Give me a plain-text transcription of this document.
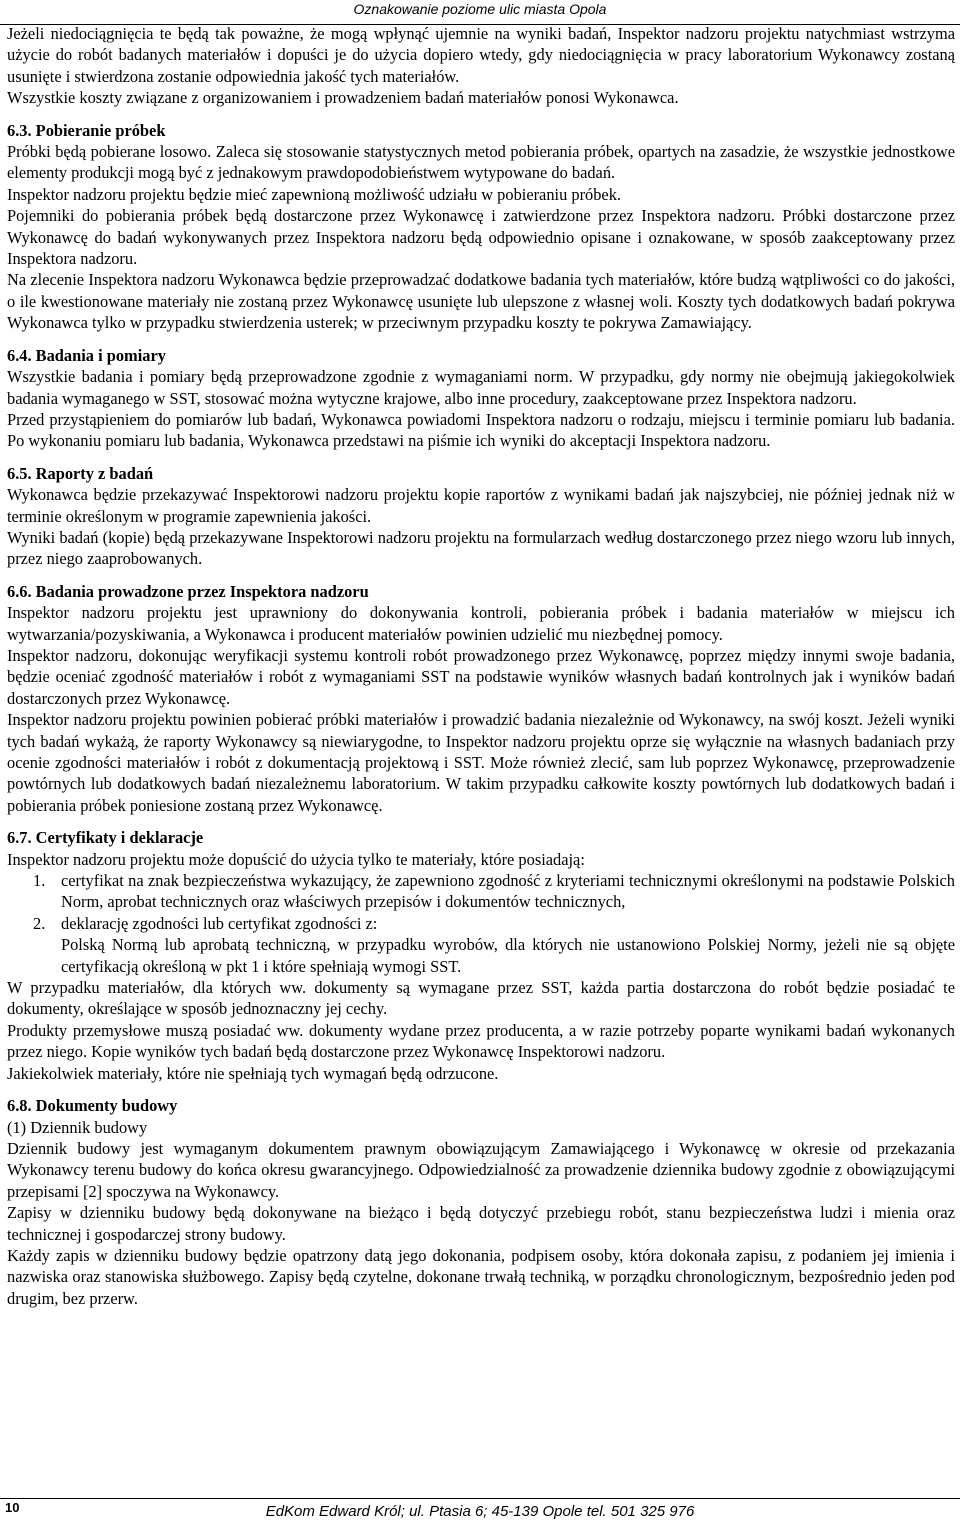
Oznakowanie poziome ulic miasta Opola

Jeżeli niedociągnięcia te będą tak poważne, że mogą wpłynąć ujemnie na wyniki badań, Inspektor nadzoru projektu natychmiast wstrzyma użycie do robót badanych materiałów i dopuści je do użycia dopiero wtedy, gdy niedociągnięcia w pracy laboratorium Wykonawcy zostaną usunięte i stwierdzona zostanie odpowiednia jakość tych materiałów.

Wszystkie koszty związane z organizowaniem i prowadzeniem badań materiałów ponosi Wykonawca.

6.3. Pobieranie próbek

Próbki będą pobierane losowo. Zaleca się stosowanie statystycznych metod pobierania próbek, opartych na zasadzie, że wszystkie jednostkowe elementy produkcji mogą być z jednakowym prawdopodobieństwem wytypowane do badań.

Inspektor nadzoru projektu będzie mieć zapewnioną możliwość udziału w pobieraniu próbek.

Pojemniki do pobierania próbek będą dostarczone przez Wykonawcę i zatwierdzone przez Inspektora nadzoru. Próbki dostarczone przez Wykonawcę do badań wykonywanych przez Inspektora nadzoru będą odpowiednio opisane i oznakowane, w sposób zaakceptowany przez Inspektora nadzoru.

Na zlecenie Inspektora nadzoru Wykonawca będzie przeprowadzać dodatkowe badania tych materiałów, które budzą wątpliwości co do jakości, o ile kwestionowane materiały nie zostaną przez Wykonawcę usunięte lub ulepszone z własnej woli. Koszty tych dodatkowych badań pokrywa Wykonawca tylko w przypadku stwierdzenia usterek; w przeciwnym przypadku koszty te pokrywa Zamawiający.

6.4. Badania i pomiary

Wszystkie badania i pomiary będą przeprowadzone zgodnie z wymaganiami norm. W przypadku, gdy normy nie obejmują jakiegokolwiek badania wymaganego w SST, stosować można wytyczne krajowe, albo inne procedury, zaakceptowane przez Inspektora nadzoru.

Przed przystąpieniem do pomiarów lub badań, Wykonawca powiadomi Inspektora nadzoru o rodzaju, miejscu i terminie pomiaru lub badania. Po wykonaniu pomiaru lub badania, Wykonawca przedstawi na piśmie ich wyniki do akceptacji Inspektora nadzoru.

6.5. Raporty z badań

Wykonawca będzie przekazywać Inspektorowi nadzoru projektu kopie raportów z wynikami badań jak najszybciej, nie później jednak niż w terminie określonym w programie zapewnienia jakości.

Wyniki badań (kopie) będą przekazywane Inspektorowi nadzoru projektu na formularzach według dostarczonego przez niego wzoru lub innych, przez niego zaaprobowanych.

6.6. Badania prowadzone przez Inspektora nadzoru

Inspektor nadzoru projektu jest uprawniony do dokonywania kontroli, pobierania próbek i badania materiałów w miejscu ich wytwarzania/pozyskiwania, a Wykonawca i producent materiałów powinien udzielić mu niezbędnej pomocy.

Inspektor nadzoru, dokonując weryfikacji systemu kontroli robót prowadzonego przez Wykonawcę, poprzez między innymi swoje badania, będzie oceniać zgodność materiałów i robót z wymaganiami SST na podstawie wyników własnych badań kontrolnych jak i wyników badań dostarczonych przez Wykonawcę.

Inspektor nadzoru projektu powinien pobierać próbki materiałów i prowadzić badania niezależnie od Wykonawcy, na swój koszt. Jeżeli wyniki tych badań wykażą, że raporty Wykonawcy są niewiarygodne, to Inspektor nadzoru projektu oprze się wyłącznie na własnych badaniach przy ocenie zgodności materiałów i robót z dokumentacją projektową i SST. Może również zlecić, sam lub poprzez Wykonawcę, przeprowadzenie powtórnych lub dodatkowych badań niezależnemu laboratorium. W takim przypadku całkowite koszty powtórnych lub dodatkowych badań i pobierania próbek poniesione zostaną przez Wykonawcę.

6.7. Certyfikaty i deklaracje

Inspektor nadzoru projektu może dopuścić do użycia tylko te materiały, które posiadają:

1. certyfikat na znak bezpieczeństwa wykazujący, że zapewniono zgodność z kryteriami technicznymi określonymi na podstawie Polskich Norm, aprobat technicznych oraz właściwych przepisów i dokumentów technicznych,
2. deklarację zgodności lub certyfikat zgodności z:
Polską Normą lub aprobatą techniczną, w przypadku wyrobów, dla których nie ustanowiono Polskiej Normy, jeżeli nie są objęte certyfikacją określoną w pkt 1 i które spełniają wymogi SST.

W przypadku materiałów, dla których ww. dokumenty są wymagane przez SST, każda partia dostarczona do robót będzie posiadać te dokumenty, określające w sposób jednoznaczny jej cechy.

Produkty przemysłowe muszą posiadać ww. dokumenty wydane przez producenta, a w razie potrzeby poparte wynikami badań wykonanych przez niego. Kopie wyników tych badań będą dostarczone przez Wykonawcę Inspektorowi nadzoru.

Jakiekolwiek materiały, które nie spełniają tych wymagań będą odrzucone.

6.8. Dokumenty budowy

(1) Dziennik budowy

Dziennik budowy jest wymaganym dokumentem prawnym obowiązującym Zamawiającego i Wykonawcę w okresie od przekazania Wykonawcy terenu budowy do końca okresu gwarancyjnego. Odpowiedzialność za prowadzenie dziennika budowy zgodnie z obowiązującymi przepisami [2] spoczywa na Wykonawcy.

Zapisy w dzienniku budowy będą dokonywane na bieżąco i będą dotyczyć przebiegu robót, stanu bezpieczeństwa ludzi i mienia oraz technicznej i gospodarczej strony budowy.

Każdy zapis w dzienniku budowy będzie opatrzony datą jego dokonania, podpisem osoby, która dokonała zapisu, z podaniem jej imienia i nazwiska oraz stanowiska służbowego. Zapisy będą czytelne, dokonane trwałą techniką, w porządku chronologicznym, bezpośrednio jeden pod drugim, bez przerw.

10	EdKom Edward Król; ul. Ptasia 6; 45-139 Opole tel. 501 325 976
